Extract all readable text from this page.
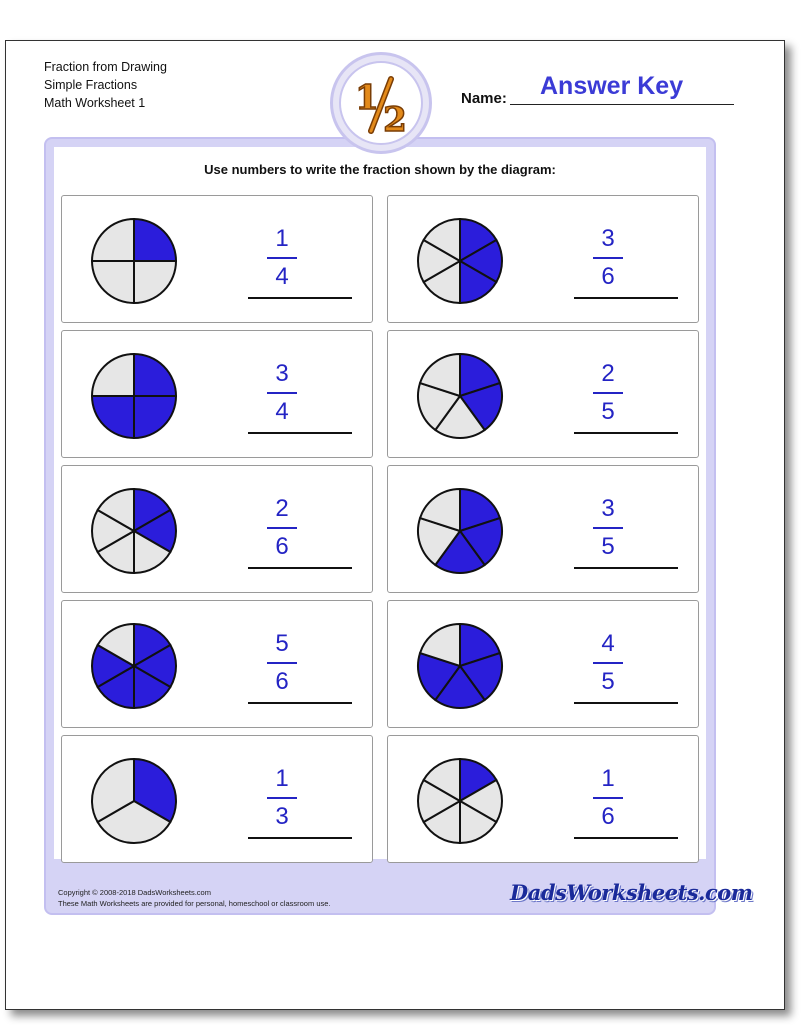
Fraction from Drawing
Simple Fractions
Math Worksheet 1	1
2
Name: Answer Key
Use numbers to write the fraction shown by the diagram:
1
4
3
6
3
4
2
5
2
6
3
5
5
6
4
5
1
3
1
6
Copyright © 2008-2018 DadsWorksheets.com
These Math Worksheets are provided for personal, homeschool or classroom use.	DadsWorksheets.com
